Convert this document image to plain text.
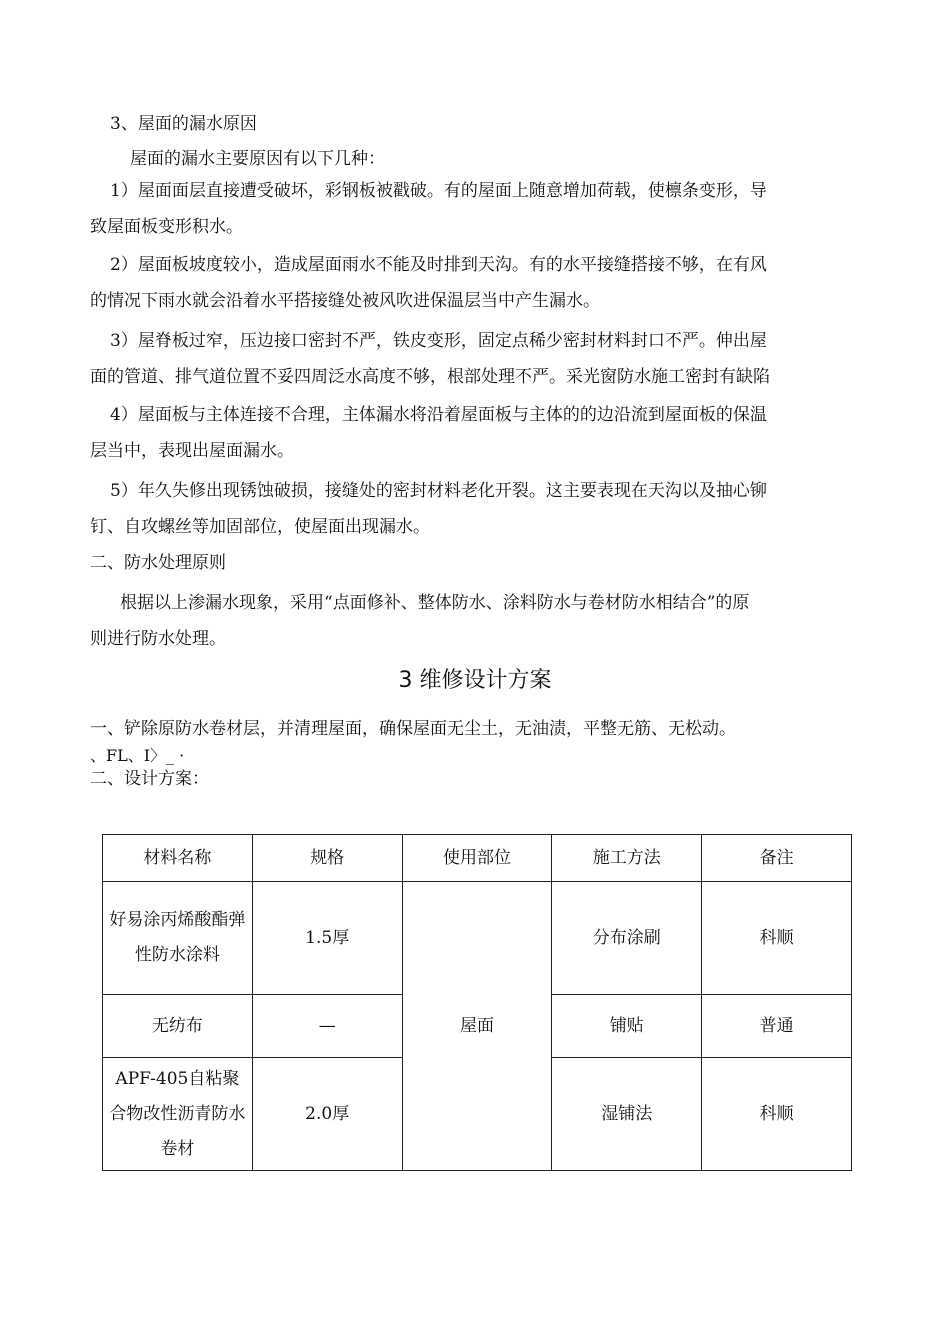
3、屋面的漏水原因
屋面的漏水主要原因有以下几种：
1）屋面面层直接遭受破坏，彩钢板被戳破。有的屋面上随意增加荷载，使檩条变形，导
致屋面板变形积水。
2）屋面板坡度较小，造成屋面雨水不能及时排到天沟。有的水平接缝搭接不够，在有风
的情况下雨水就会沿着水平搭接缝处被风吹进保温层当中产生漏水。
3）屋脊板过窄，压边接口密封不严，铁皮变形，固定点稀少密封材料封口不严。伸出屋
面的管道、排气道位置不妥四周泛水高度不够，根部处理不严。采光窗防水施工密封有缺陷
4）屋面板与主体连接不合理，主体漏水将沿着屋面板与主体的的边沿流到屋面板的保温
层当中，表现出屋面漏水。
5）年久失修出现锈蚀破损，接缝处的密封材料老化开裂。这主要表现在天沟以及抽心铆
钉、自攻螺丝等加固部位，使屋面出现漏水。
二、防水处理原则
根据以上渗漏水现象，采用“点面修补、整体防水、涂料防水与卷材防水相结合”的原
则进行防水处理。
3 维修设计方案
一、铲除原防水卷材层，并清理屋面，确保屋面无尘土，无油渍，平整无筋、无松动。
、FL、I〉_ ·
二、设计方案：
材料名称	规格	使用部位	施工方法	备注
好易涂丙烯酸酯弹性防水涂料	1.5厚	屋面	分布涂刷	科顺
无纺布	—		铺贴	普通
APF-405自粘聚合物改性沥青防水卷材	2.0厚		湿铺法	科顺
